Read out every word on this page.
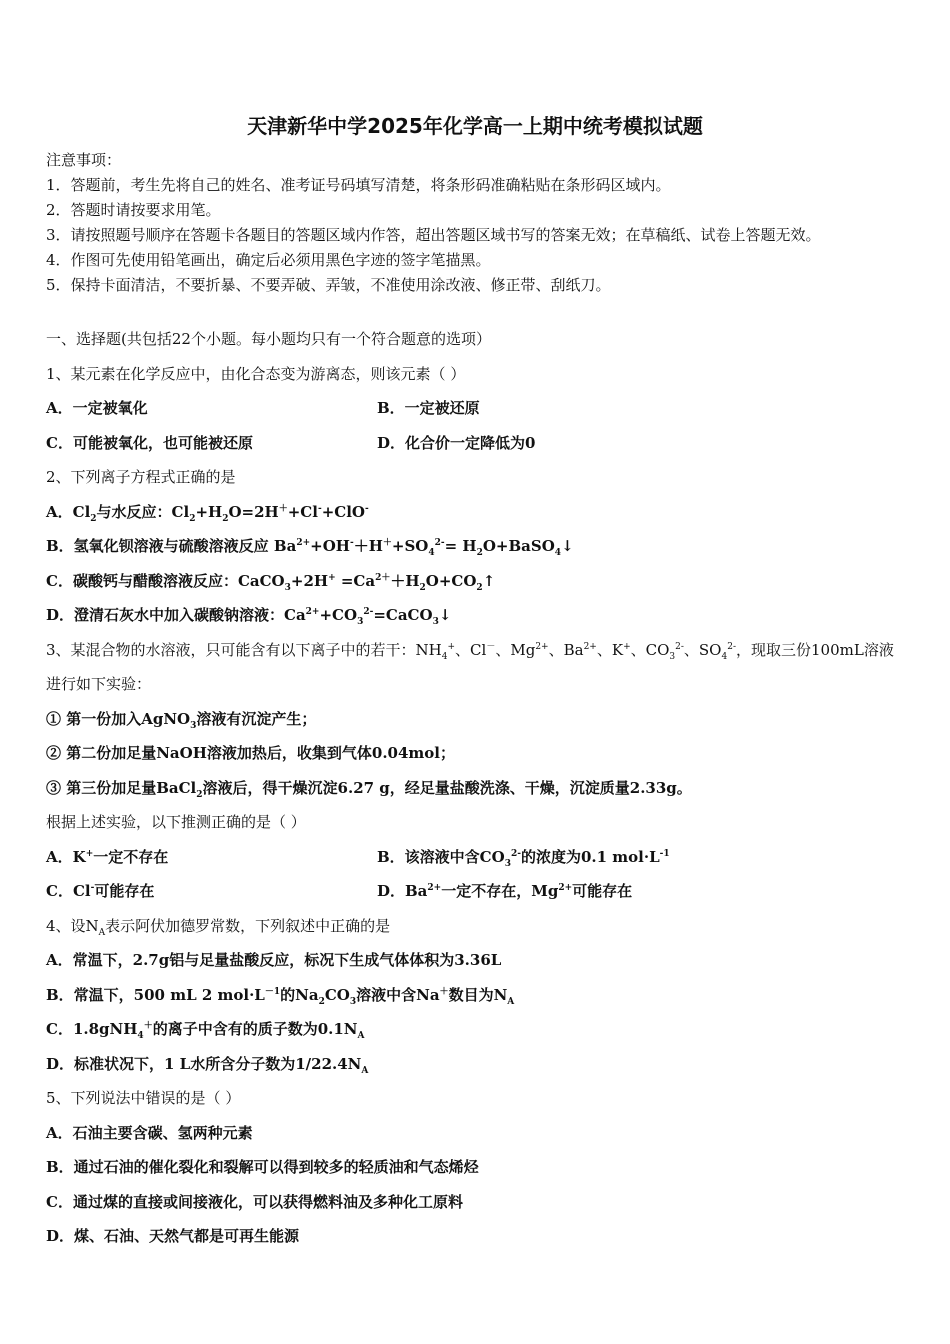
天津新华中学2025年化学高一上期中统考模拟试题
注意事项：
1．答题前，考生先将自己的姓名、准考证号码填写清楚，将条形码准确粘贴在条形码区域内。
2．答题时请按要求用笔。
3．请按照题号顺序在答题卡各题目的答题区域内作答，超出答题区域书写的答案无效；在草稿纸、试卷上答题无效。
4．作图可先使用铅笔画出，确定后必须用黑色字迹的签字笔描黑。
5．保持卡面清洁，不要折暴、不要弄破、弄皱，不准使用涂改液、修正带、刮纸刀。
一、选择题(共包括22个小题。每小题均只有一个符合题意的选项）
1、某元素在化学反应中，由化合态变为游离态，则该元素（ ）
A．一定被氧化	B．一定被还原
C．可能被氧化，也可能被还原	D．化合价一定降低为0
2、下列离子方程式正确的是
A．$Cl_2$与水反应：$Cl_2+H_2O=2H^++Cl^-+ClO^-$
B．氢氧化钡溶液与硫酸溶液反应 $Ba^{2+}+OH^-+H^++SO_4^{2-}=$ $H_2O+BaSO_4↓$
C．碳酸钙与醋酸溶液反应：CaCO$_3$+2H+ $=Ca^{2+}+H_2O+CO_2↑$
D．澄清石灰水中加入碳酸钠溶液：$Ca^{2+}+CO_3^{2-}=CaCO_3↓$
3、某混合物的水溶液，只可能含有以下离子中的若干：$NH_4^+$、Cl－、$Mg^{2+}$、$Ba^{2+}$、K+、$CO_3^{2-}$、$SO_4^{2-}$，现取三份100mL溶液
进行如下实验：
① 第一份加入AgNO$_3$溶液有沉淀产生；
② 第二份加足量NaOH溶液加热后，收集到气体0.04mol；
③ 第三份加足量BaCl$_2$溶液后，得干燥沉淀6.27 g，经足量盐酸洗涤、干燥，沉淀质量2.33g。
根据上述实验，以下推测正确的是（ ）
A．K+一定不存在	B．该溶液中含$CO_3^{2-}$的浓度为0.1 $mol\cdot L^{-1}$
C．Cl-可能存在	D．$Ba^{2+}$一定不存在，$Mg^{2+}$可能存在
4、设$N_A$表示阿伏加德罗常数，下列叙述中正确的是
A．常温下，2.7g铝与足量盐酸反应，标况下生成气体体积为3.36L
B．常温下，500 mL 2 $mol\cdot L^{-1}$的$Na_2CO_3$溶液中含Na＋数目为$N_A$
C．1.8gNH$_4$＋的离子中含有的质子数为$0.1N_A$
D．标准状况下，1 L水所含分子数为$1/22.4N_A$
5、下列说法中错误的是（ ）
A．石油主要含碳、氢两种元素
B．通过石油的催化裂化和裂解可以得到较多的轻质油和气态烯烃
C．通过煤的直接或间接液化，可以获得燃料油及多种化工原料
D．煤、石油、天然气都是可再生能源
